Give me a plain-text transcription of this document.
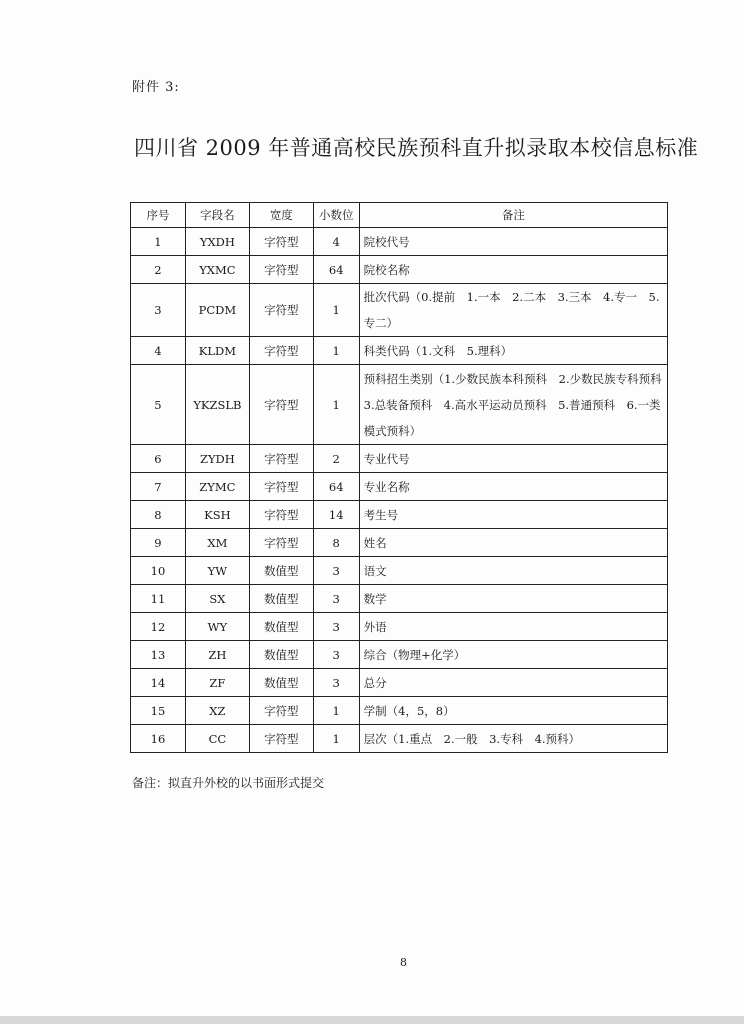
附件 3:
四川省 2009 年普通高校民族预科直升拟录取本校信息标准
序号	字段名	宽度	小数位	备注
1	YXDH	字符型	4	院校代号
2	YXMC	字符型	64	院校名称
3	PCDM	字符型	1	批次代码（0.提前　1.一本　2.二本　3.三本　4.专一　5.专二）
4	KLDM	字符型	1	科类代码（1.文科　5.理科）
5	YKZSLB	字符型	1	预科招生类别（1.少数民族本科预科　2.少数民族专科预科　3.总装备预科　4.高水平运动员预科　5.普通预科　6.一类模式预科）
6	ZYDH	字符型	2	专业代号
7	ZYMC	字符型	64	专业名称
8	KSH	字符型	14	考生号
9	XM	字符型	8	姓名
10	YW	数值型	3	语文
11	SX	数值型	3	数学
12	WY	数值型	3	外语
13	ZH	数值型	3	综合（物理+化学）
14	ZF	数值型	3	总分
15	XZ	字符型	1	学制（4，5，8）
16	CC	字符型	1	层次（1.重点　2.一般　3.专科　4.预科）
备注：拟直升外校的以书面形式提交
8
